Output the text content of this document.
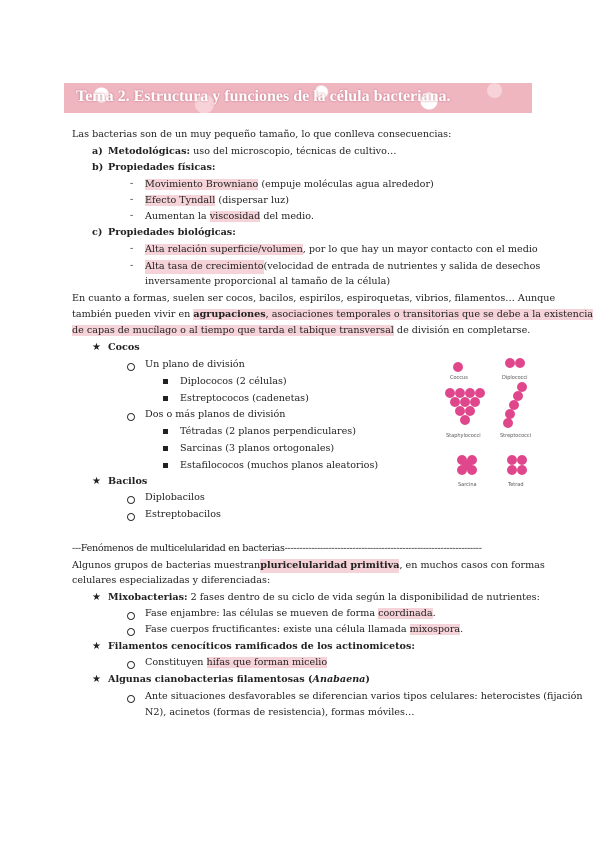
Tema 2. Estructura y funciones de la célula bacteriana.
Las bacterias son de un muy pequeño tamaño, lo que conlleva consecuencias:
a) Metodológicas: uso del microscopio, técnicas de cultivo…
b) Propiedades físicas:
- Movimiento Browniano (empuje moléculas agua alrededor)
- Efecto Tyndall (dispersar luz)
- Aumentan la viscosidad del medio.
c) Propiedades biológicas:
- Alta relación superficie/volumen, por lo que hay un mayor contacto con el medio
- Alta tasa de crecimiento (velocidad de entrada de nutrientes y salida de desechos
inversamente proporcional al tamaño de la célula)
En cuanto a formas, suelen ser cocos, bacilos, espirilos, espiroquetas, vibrios, filamentos… Aunque
también pueden vivir en agrupaciones, asociaciones temporales o transitorias que se debe a la existencia
de capas de mucílago o al tiempo que tarda el tabique transversal de división en completarse.
★ Cocos
Un plano de división
Diplococos (2 células)
Estreptococos (cadenetas)
Dos o más planos de división
Tétradas (2 planos perpendiculares)
Sarcinas (3 planos ortogonales)
Estafilococos (muchos planos aleatorios)
★ Bacilos
Diplobacilos
Estreptobacilos
Coccus	Diplococci
Staphylococci	Streptococci
Sarcina	Tetrad
---Fenómenos de multicelularidad en bacterias-------------------------------------------------------------------
Algunos grupos de bacterias muestran pluricelularidad primitiva , en muchos casos con formas
celulares especializadas y diferenciadas:
★ Mixobacterias: 2 fases dentro de su ciclo de vida según la disponibilidad de nutrientes:
Fase enjambre: las células se mueven de forma coordinada.
Fase cuerpos fructificantes: existe una célula llamada mixospora.
★ Filamentos cenocíticos ramificados de los actinomicetos:
Constituyen hifas que forman micelio
★ Algunas cianobacterias filamentosas (Anabaena)
Ante situaciones desfavorables se diferencian varios tipos celulares: heterocistes (fijación
N2), acinetos (formas de resistencia), formas móviles…
